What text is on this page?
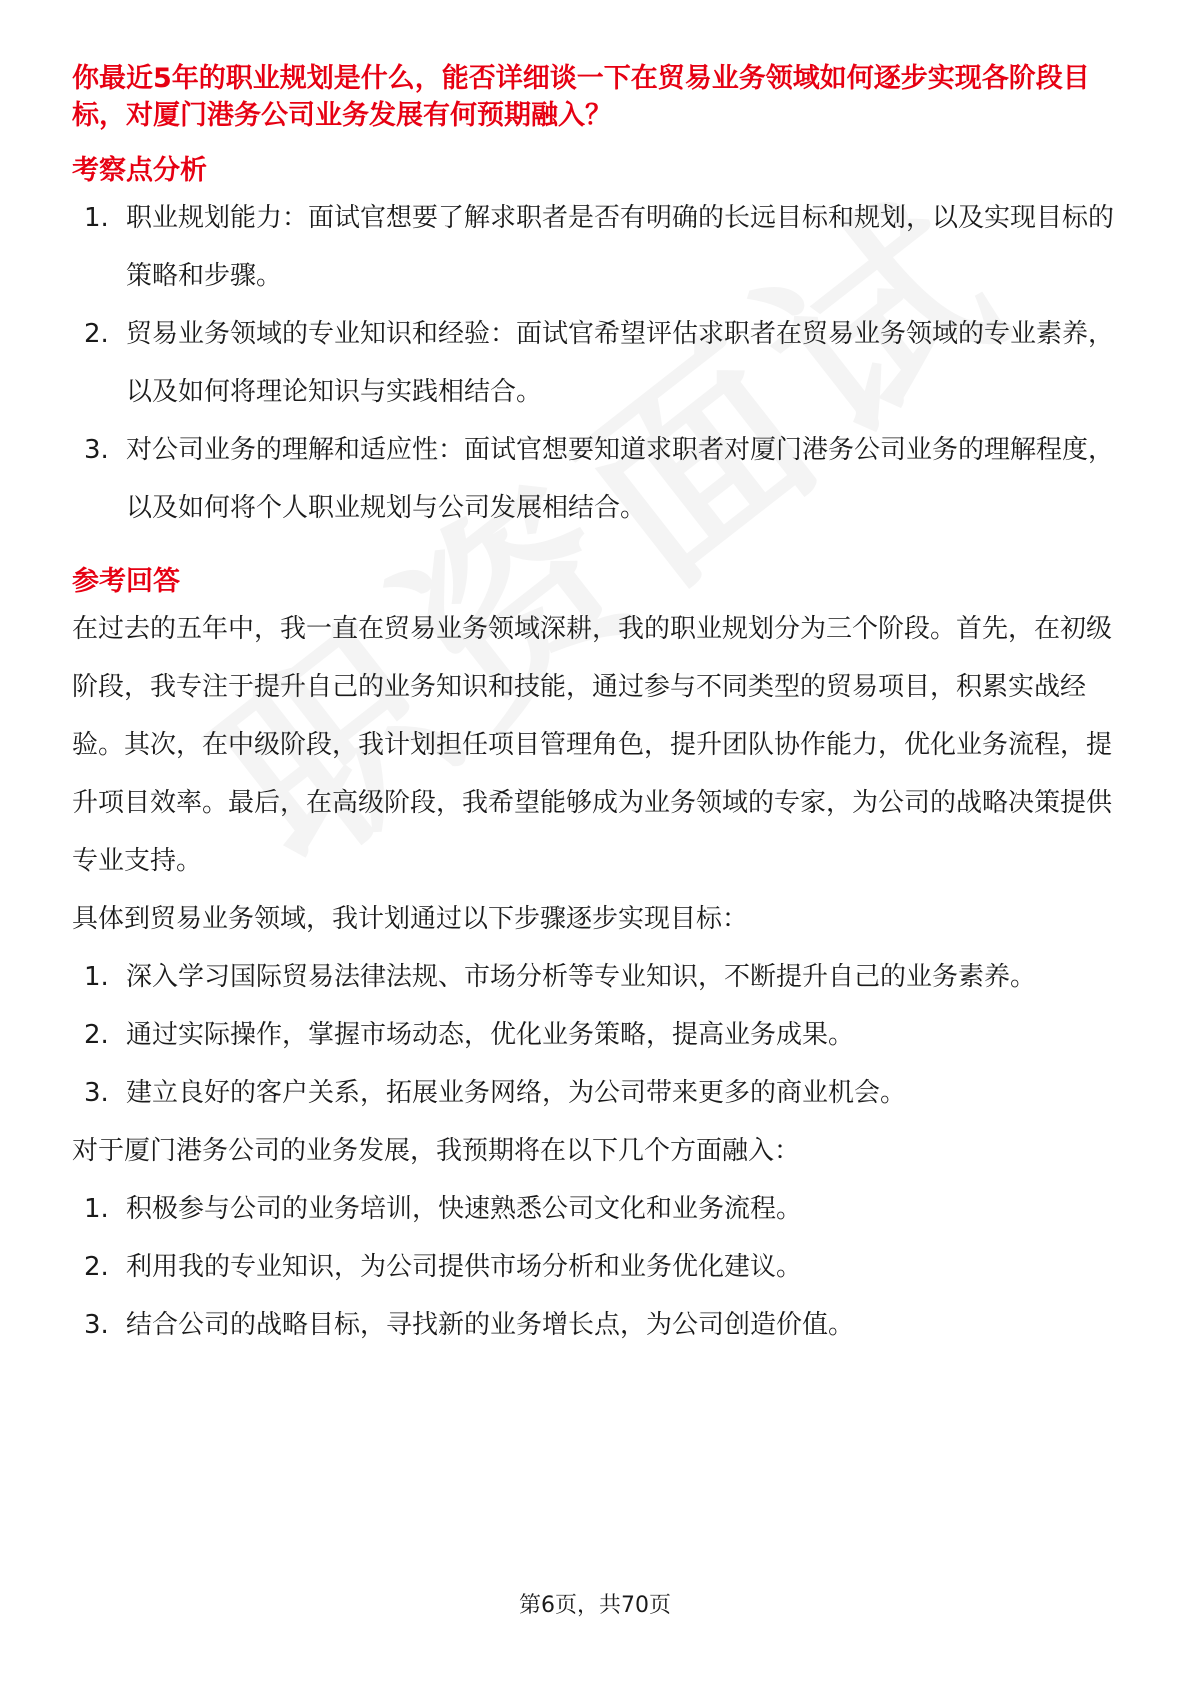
你最近5年的职业规划是什么，能否详细谈一下在贸易业务领域如何逐步实现各阶段目标，对厦门港务公司业务发展有何预期融入？
考察点分析
1. 职业规划能力：面试官想要了解求职者是否有明确的长远目标和规划，以及实现目标的策略和步骤。
2. 贸易业务领域的专业知识和经验：面试官希望评估求职者在贸易业务领域的专业素养，以及如何将理论知识与实践相结合。
3. 对公司业务的理解和适应性：面试官想要知道求职者对厦门港务公司业务的理解程度，以及如何将个人职业规划与公司发展相结合。
参考回答

在过去的五年中，我一直在贸易业务领域深耕，我的职业规划分为三个阶段。首先，在初级阶段，我专注于提升自己的业务知识和技能，通过参与不同类型的贸易项目，积累实战经验。其次，在中级阶段，我计划担任项目管理角色，提升团队协作能力，优化业务流程，提升项目效率。最后，在高级阶段，我希望能够成为业务领域的专家，为公司的战略决策提供专业支持。

具体到贸易业务领域，我计划通过以下步骤逐步实现目标：

1. 深入学习国际贸易法律法规、市场分析等专业知识，不断提升自己的业务素养。
2. 通过实际操作，掌握市场动态，优化业务策略，提高业务成果。
3. 建立良好的客户关系，拓展业务网络，为公司带来更多的商业机会。

对于厦门港务公司的业务发展，我预期将在以下几个方面融入：

1. 积极参与公司的业务培训，快速熟悉公司文化和业务流程。
2. 利用我的专业知识，为公司提供市场分析和业务优化建议。
3. 结合公司的战略目标，寻找新的业务增长点，为公司创造价值。
第6页，共70页
